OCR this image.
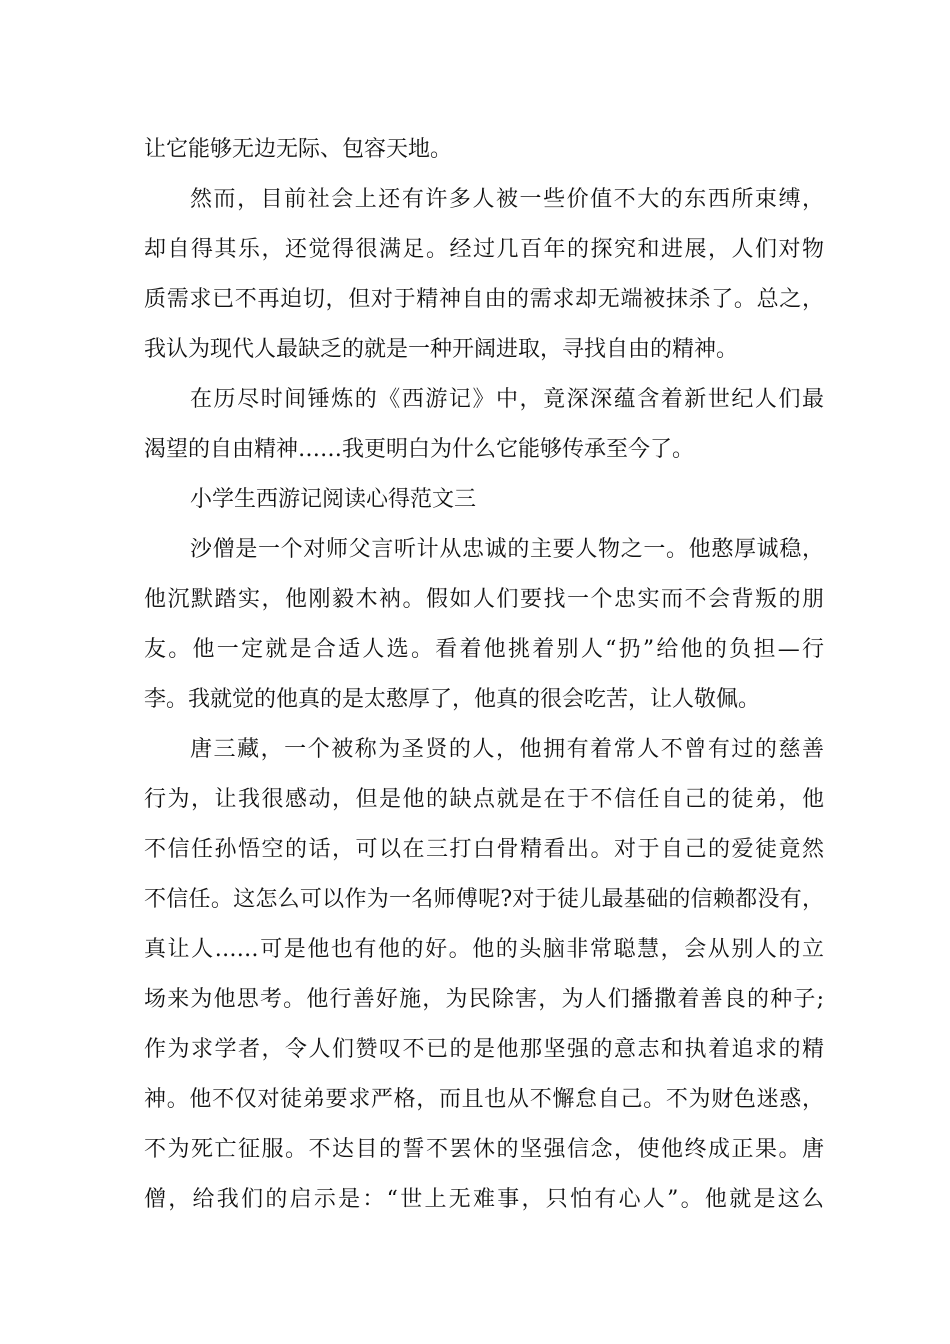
让它能够无边无际、包容天地。
然而，目前社会上还有许多人被一些价值不大的东西所束缚，
却自得其乐，还觉得很满足。经过几百年的探究和进展，人们对物
质需求已不再迫切，但对于精神自由的需求却无端被抹杀了。总之，
我认为现代人最缺乏的就是一种开阔进取，寻找自由的精神。
在历尽时间锤炼的《西游记》中，竟深深蕴含着新世纪人们最
渴望的自由精神……我更明白为什么它能够传承至今了。
小学生西游记阅读心得范文三
沙僧是一个对师父言听计从忠诚的主要人物之一。他憨厚诚稳，
他沉默踏实，他刚毅木衲。假如人们要找一个忠实而不会背叛的朋
友。他一定就是合适人选。看着他挑着别人“扔”给他的负担—行
李。我就觉的他真的是太憨厚了，他真的很会吃苦，让人敬佩。
唐三藏，一个被称为圣贤的人，他拥有着常人不曾有过的慈善
行为，让我很感动，但是他的缺点就是在于不信任自己的徒弟，他
不信任孙悟空的话，可以在三打白骨精看出。对于自己的爱徒竟然
不信任。这怎么可以作为一名师傅呢?对于徒儿最基础的信赖都没有，
真让人……可是他也有他的好。他的头脑非常聪慧，会从别人的立
场来为他思考。他行善好施，为民除害，为人们播撒着善良的种子;
作为求学者，令人们赞叹不已的是他那坚强的意志和执着追求的精
神。他不仅对徒弟要求严格，而且也从不懈怠自己。不为财色迷惑，
不为死亡征服。不达目的誓不罢休的坚强信念，使他终成正果。唐
僧，给我们的启示是：“世上无难事，只怕有心人”。他就是这么
